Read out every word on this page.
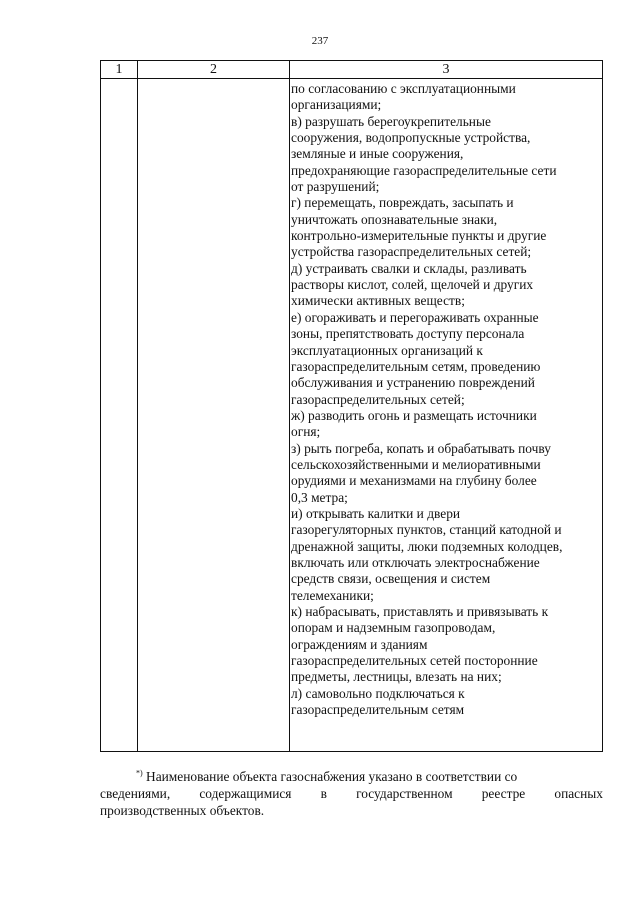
237
1	2	3
по согласованию с эксплуатационными
организациями;
в) разрушать берегоукрепительные
сооружения, водопропускные устройства,
земляные и иные сооружения,
предохраняющие газораспределительные сети
от разрушений;
г) перемещать, повреждать, засыпать и
уничтожать опознавательные знаки,
контрольно-измерительные пункты и другие
устройства газораспределительных сетей;
д) устраивать свалки и склады, разливать
растворы кислот, солей, щелочей и других
химически активных веществ;
е) огораживать и перегораживать охранные
зоны, препятствовать доступу персонала
эксплуатационных организаций к
газораспределительным сетям, проведению
обслуживания и устранению повреждений
газораспределительных сетей;
ж) разводить огонь и размещать источники
огня;
з) рыть погреба, копать и обрабатывать почву
сельскохозяйственными и мелиоративными
орудиями и механизмами на глубину более
0,3 метра;
и) открывать калитки и двери
газорегуляторных пунктов, станций катодной и
дренажной защиты, люки подземных колодцев,
включать или отключать электроснабжение
средств связи, освещения и систем
телемеханики;
к) набрасывать, приставлять и привязывать к
опорам и надземным газопроводам,
ограждениям и зданиям
газораспределительных сетей посторонние
предметы, лестницы, влезать на них;
л) самовольно подключаться к
газораспределительным сетям
*) Наименование объекта газоснабжения указано в соответствии со
сведениями, содержащимися в государственном реестре опасных
производственных объектов.
